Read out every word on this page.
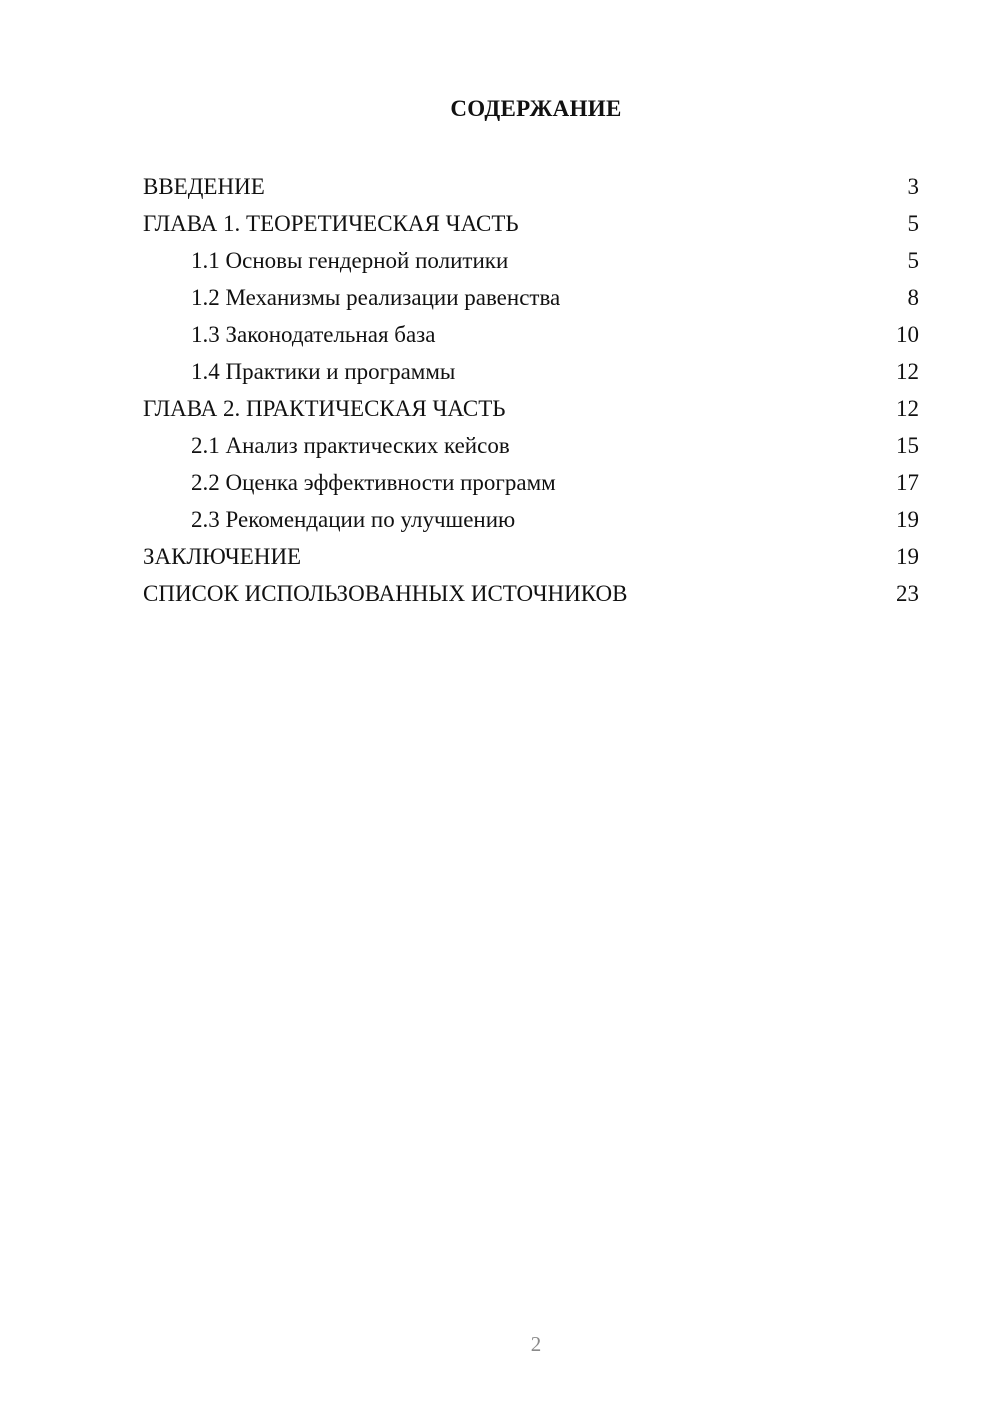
СОДЕРЖАНИЕ
ВВЕДЕНИЕ	3
ГЛАВА 1. ТЕОРЕТИЧЕСКАЯ ЧАСТЬ	5
1.1 Основы гендерной политики	5
1.2 Механизмы реализации равенства	8
1.3 Законодательная база	10
1.4 Практики и программы	12
ГЛАВА 2. ПРАКТИЧЕСКАЯ ЧАСТЬ	12
2.1 Анализ практических кейсов	15
2.2 Оценка эффективности программ	17
2.3 Рекомендации по улучшению	19
ЗАКЛЮЧЕНИЕ	19
СПИСОК ИСПОЛЬЗОВАННЫХ ИСТОЧНИКОВ	23
2
